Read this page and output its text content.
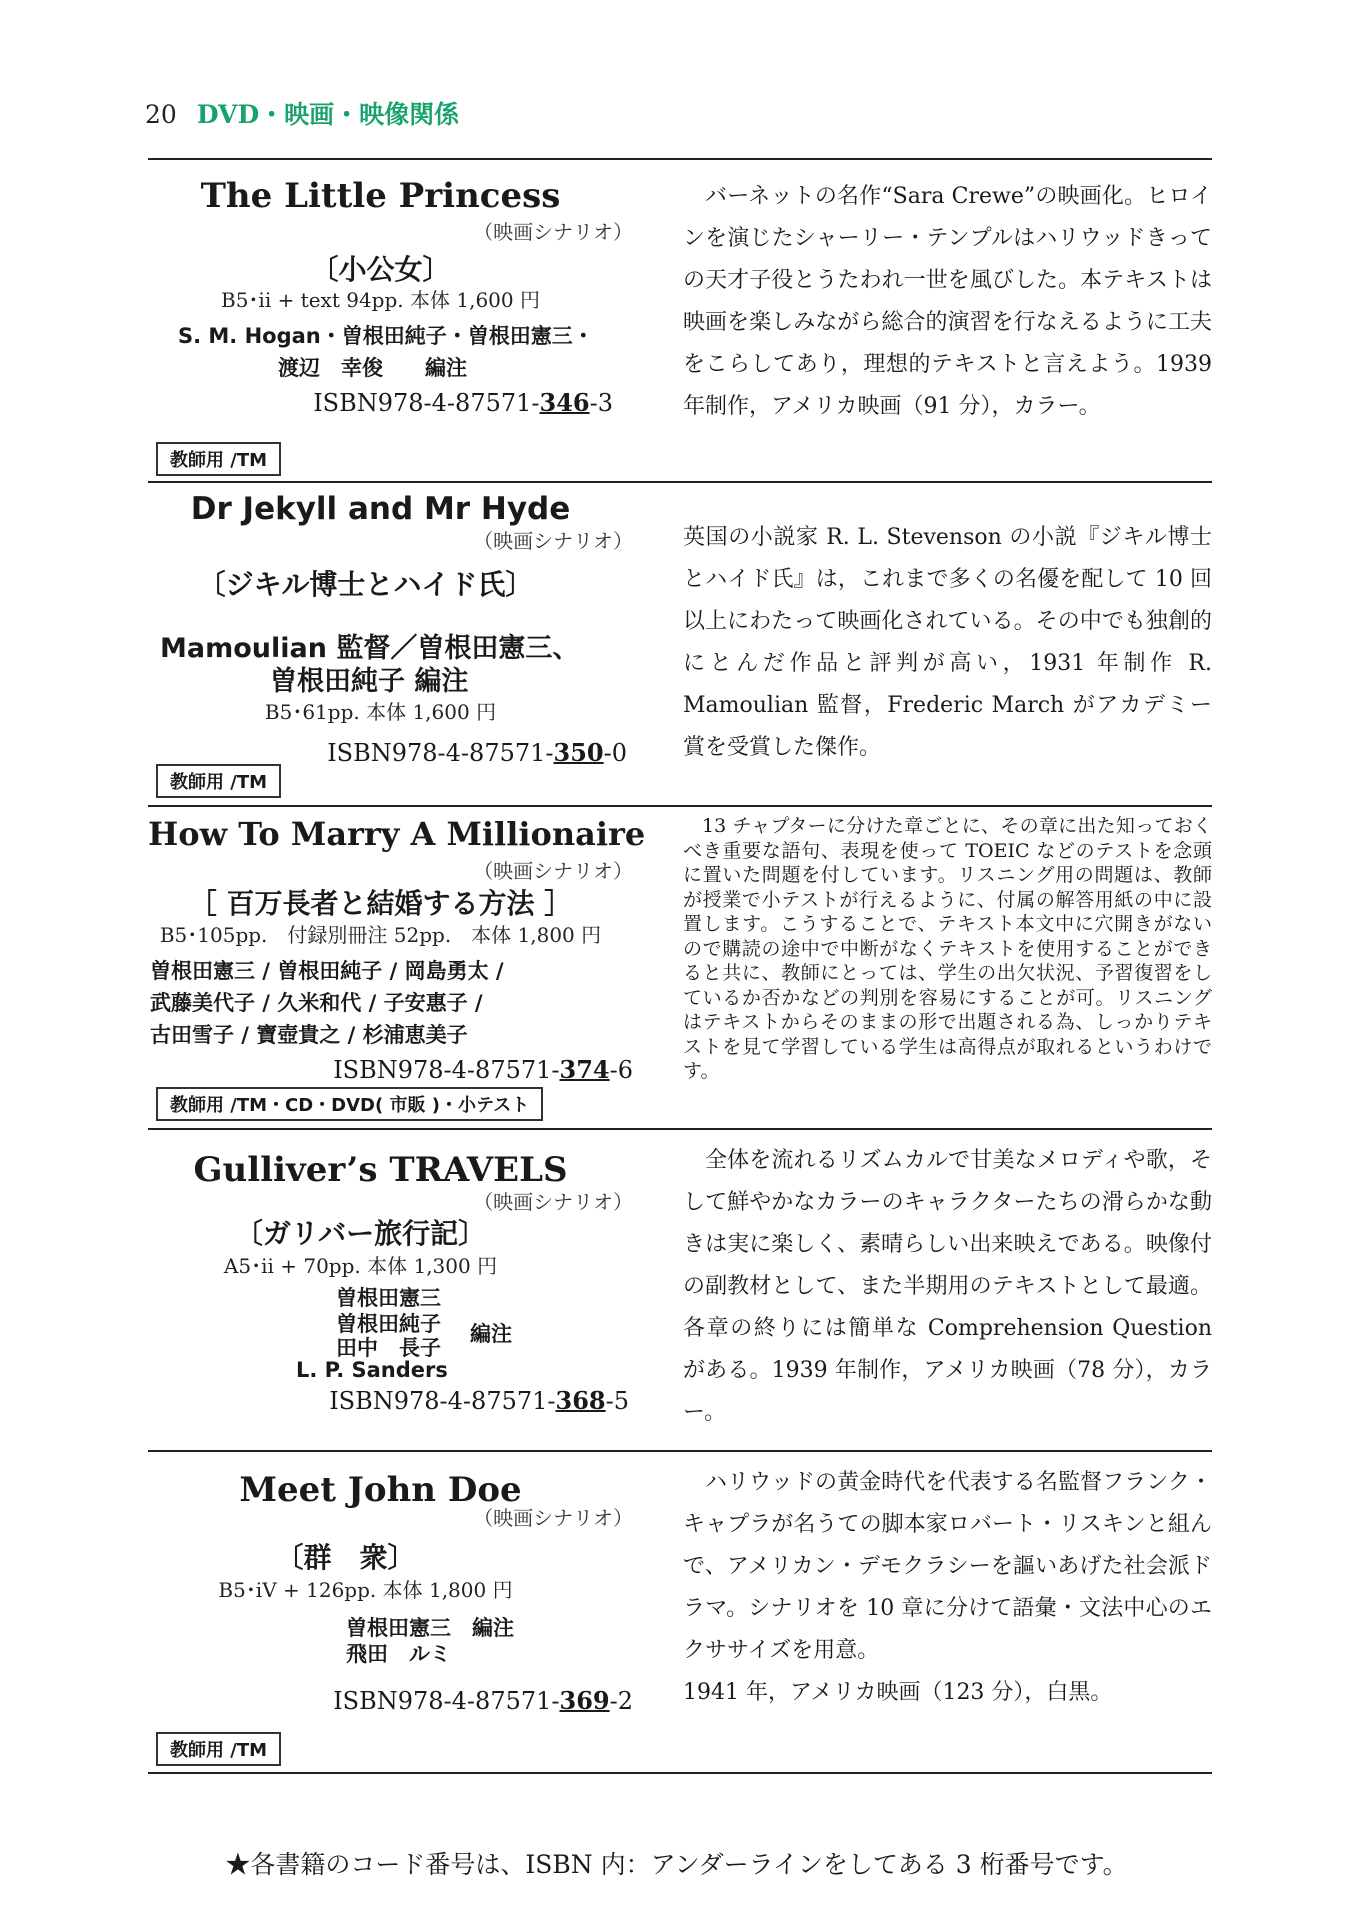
20 DVD・映画・映像関係
The Little Princess
（映画シナリオ）
〔小公女〕
B5･ii + text 94pp. 本体 1,600 円
S. M. Hogan・曽根田純子・曽根田憲三・
渡辺　幸俊　　編注
ISBN978-4-87571-346-3
教師用 /TM

バーネットの名作“Sara Crewe”の映画化。ヒロインを演じたシャーリー・テンプルはハリウッドきっての天才子役とうたわれ一世を風びした。本テキストは映画を楽しみながら総合的演習を行なえるように工夫をこらしてあり，理想的テキストと言えよう。1939 年制作，アメリカ映画（91 分），カラー。

Dr Jekyll and Mr Hyde
（映画シナリオ）
〔ジキル博士とハイド氏〕
Mamoulian 監督／曽根田憲三、
曽根田純子 編注
B5･61pp. 本体 1,600 円
ISBN978-4-87571-350-0
教師用 /TM

英国の小説家 R. L. Stevenson の小説『ジキル博士とハイド氏』は，これまで多くの名優を配して 10 回以上にわたって映画化されている。その中でも独創的にとんだ作品と評判が高い，1931 年制作 R. Mamoulian 監督，Frederic March がアカデミー賞を受賞した傑作。

How To Marry A Millionaire
（映画シナリオ）
［ 百万長者と結婚する方法 ］
B5･105pp.　付録別冊注 52pp.　本体 1,800 円
曽根田憲三 / 曽根田純子 / 岡島勇太 /
武藤美代子 / 久米和代 / 子安惠子 /
古田雪子 / 寶壺貴之 / 杉浦恵美子
ISBN978-4-87571-374-6
教師用 /TM・CD・DVD( 市販 )・小テスト

13 チャプターに分けた章ごとに、その章に出た知っておくべき重要な語句、表現を使って TOEIC などのテストを念頭に置いた問題を付しています。リスニング用の問題は、教師が授業で小テストが行えるように、付属の解答用紙の中に設置します。こうすることで、テキスト本文中に穴開きがないので購読の途中で中断がなくテキストを使用することができると共に、教師にとっては、学生の出欠状況、予習復習をしているか否かなどの判別を容易にすることが可。リスニングはテキストからそのままの形で出題される為、しっかりテキストを見て学習している学生は高得点が取れるというわけです。

Gulliver’s TRAVELS
（映画シナリオ）
〔ガリバー旅行記〕
A5･ii + 70pp. 本体 1,300 円
曽根田憲三
曽根田純子
田中　長子
編注
L. P. Sanders
ISBN978-4-87571-368-5

全体を流れるリズムカルで甘美なメロディや歌，そして鮮やかなカラーのキャラクターたちの滑らかな動きは実に楽しく、素晴らしい出来映えである。映像付の副教材として、また半期用のテキストとして最適。各章の終りには簡単な Comprehension Question がある。1939 年制作，アメリカ映画（78 分），カラー。

Meet John Doe
（映画シナリオ）
〔群　衆〕
B5･iV + 126pp. 本体 1,800 円
曽根田憲三　編注
飛田　ルミ
ISBN978-4-87571-369-2
教師用 /TM

ハリウッドの黄金時代を代表する名監督フランク・キャプラが名うての脚本家ロバート・リスキンと組んで、アメリカン・デモクラシーを謳いあげた社会派ドラマ。シナリオを 10 章に分けて語彙・文法中心のエクササイズを用意。

1941 年，アメリカ映画（123 分），白黒。

★各書籍のコード番号は、ISBN 内：アンダーラインをしてある 3 桁番号です。
